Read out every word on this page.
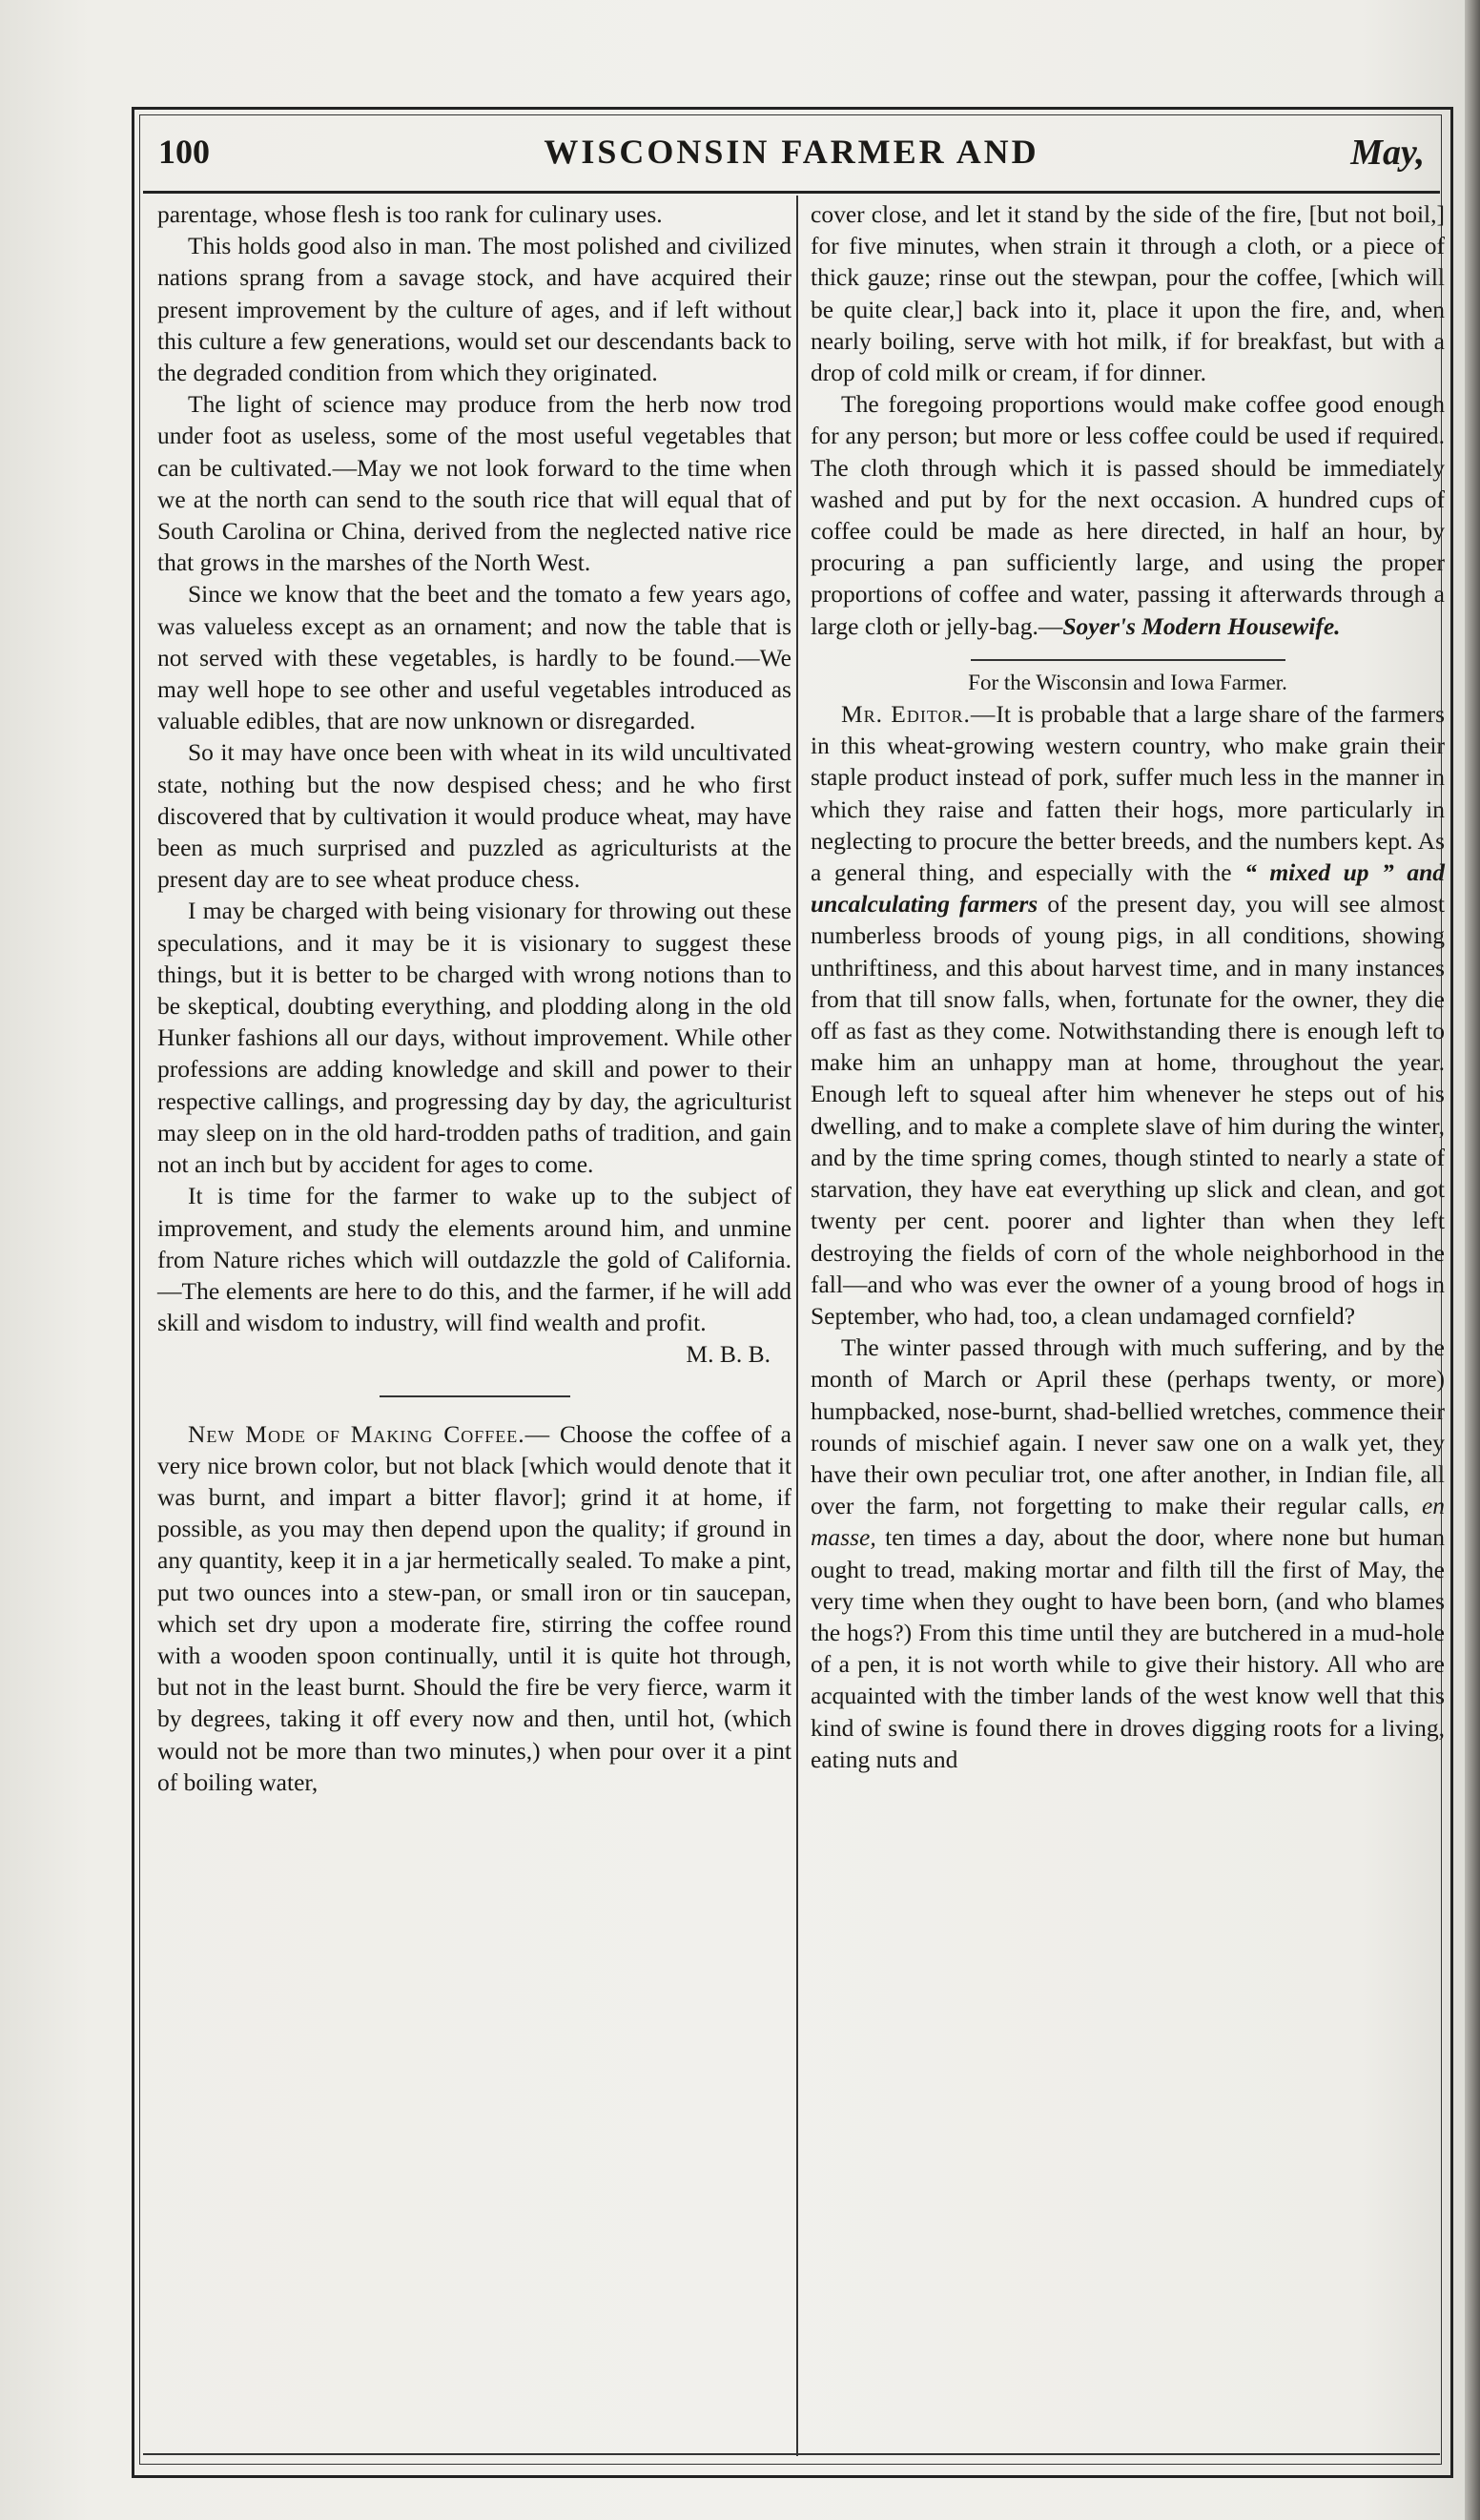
100	WISCONSIN FARMER AND	May,

parentage, whose flesh is too rank for culinary uses.

This holds good also in man. The most polished and civilized nations sprang from a savage stock, and have acquired their present improvement by the culture of ages, and if left without this culture a few generations, would set our descendants back to the degraded condition from which they originated.

The light of science may produce from the herb now trod under foot as useless, some of the most useful vegetables that can be cultivated.—May we not look forward to the time when we at the north can send to the south rice that will equal that of South Carolina or China, derived from the neglected native rice that grows in the marshes of the North West.

Since we know that the beet and the tomato a few years ago, was valueless except as an ornament; and now the table that is not served with these vegetables, is hardly to be found.—We may well hope to see other and useful vegetables introduced as valuable edibles, that are now unknown or disregarded.

So it may have once been with wheat in its wild uncultivated state, nothing but the now despised chess; and he who first discovered that by cultivation it would produce wheat, may have been as much surprised and puzzled as agriculturists at the present day are to see wheat produce chess.

I may be charged with being visionary for throwing out these speculations, and it may be it is visionary to suggest these things, but it is better to be charged with wrong notions than to be skeptical, doubting everything, and plodding along in the old Hunker fashions all our days, without improvement. While other professions are adding knowledge and skill and power to their respective callings, and progressing day by day, the agriculturist may sleep on in the old hard-trodden paths of tradition, and gain not an inch but by accident for ages to come.

It is time for the farmer to wake up to the subject of improvement, and study the elements around him, and unmine from Nature riches which will outdazzle the gold of California.—The elements are here to do this, and the farmer, if he will add skill and wisdom to industry, will find wealth and profit.
M. B. B.

New Mode of Making Coffee.— Choose the coffee of a very nice brown color, but not black [which would denote that it was burnt, and impart a bitter flavor]; grind it at home, if possible, as you may then depend upon the quality; if ground in any quantity, keep it in a jar hermetically sealed. To make a pint, put two ounces into a stew-pan, or small iron or tin saucepan, which set dry upon a moderate fire, stirring the coffee round with a wooden spoon continually, until it is quite hot through, but not in the least burnt. Should the fire be very fierce, warm it by degrees, taking it off every now and then, until hot, (which would not be more than two minutes,) when pour over it a pint of boiling water,

cover close, and let it stand by the side of the fire, [but not boil,] for five minutes, when strain it through a cloth, or a piece of thick gauze; rinse out the stewpan, pour the coffee, [which will be quite clear,] back into it, place it upon the fire, and, when nearly boiling, serve with hot milk, if for breakfast, but with a drop of cold milk or cream, if for dinner.

The foregoing proportions would make coffee good enough for any person; but more or less coffee could be used if required. The cloth through which it is passed should be immediately washed and put by for the next occasion. A hundred cups of coffee could be made as here directed, in half an hour, by procuring a pan sufficiently large, and using the proper proportions of coffee and water, passing it afterwards through a large cloth or jelly-bag.—Soyer's Modern Housewife.

For the Wisconsin and Iowa Farmer.

Mr. Editor.—It is probable that a large share of the farmers in this wheat-growing western country, who make grain their staple product instead of pork, suffer much less in the manner in which they raise and fatten their hogs, more particularly in neglecting to procure the better breeds, and the numbers kept. As a general thing, and especially with the “ mixed up ” and uncalculating farmers of the present day, you will see almost numberless broods of young pigs, in all conditions, showing unthriftiness, and this about harvest time, and in many instances from that till snow falls, when, fortunate for the owner, they die off as fast as they come. Notwithstanding there is enough left to make him an unhappy man at home, throughout the year. Enough left to squeal after him whenever he steps out of his dwelling, and to make a complete slave of him during the winter, and by the time spring comes, though stinted to nearly a state of starvation, they have eat everything up slick and clean, and got twenty per cent. poorer and lighter than when they left destroying the fields of corn of the whole neighborhood in the fall—and who was ever the owner of a young brood of hogs in September, who had, too, a clean undamaged cornfield?

The winter passed through with much suffering, and by the month of March or April these (perhaps twenty, or more) humpbacked, nose-burnt, shad-bellied wretches, commence their rounds of mischief again. I never saw one on a walk yet, they have their own peculiar trot, one after another, in Indian file, all over the farm, not forgetting to make their regular calls, en masse, ten times a day, about the door, where none but human ought to tread, making mortar and filth till the first of May, the very time when they ought to have been born, (and who blames the hogs?) From this time until they are butchered in a mud-hole of a pen, it is not worth while to give their history. All who are acquainted with the timber lands of the west know well that this kind of swine is found there in droves digging roots for a living, eating nuts and
